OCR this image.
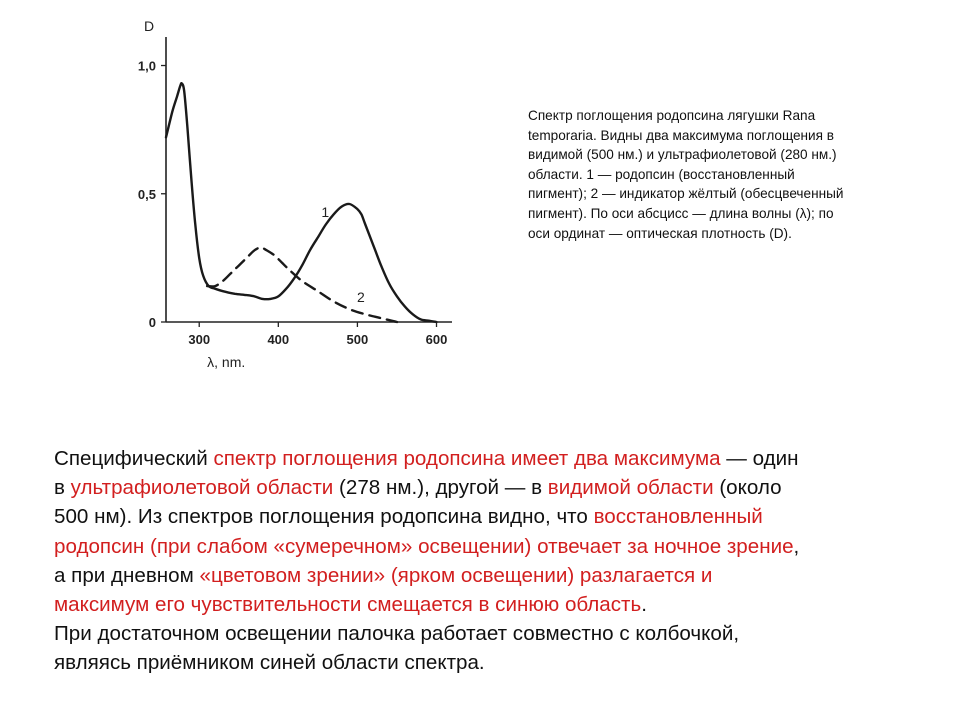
D
λ, nm.
0
0,5
1,0
300	400	500	600
1
2

Спектр поглощения родопсина лягушки Rana temporaria. Видны два максимума поглощения в видимой (500 нм.) и ультрафиолетовой (280 нм.) области. 1 — родопсин (восстановленный пигмент); 2 — индикатор жёлтый (обесцвеченный пигмент). По оси абсцисс — длина волны (λ); по оси ординат — оптическая плотность (D).

Специфический спектр поглощения родопсина имеет два максимума — один
в ультрафиолетовой области (278 нм.), другой — в видимой области (около
500 нм). Из спектров поглощения родопсина видно, что восстановленный
родопсин (при слабом «сумеречном» освещении) отвечает за ночное зрение,
а при дневном «цветовом зрении» (ярком освещении) разлагается и
максимум его чувствительности смещается в синюю область.
При достаточном освещении палочка работает совместно с колбочкой,
являясь приёмником синей области спектра.
